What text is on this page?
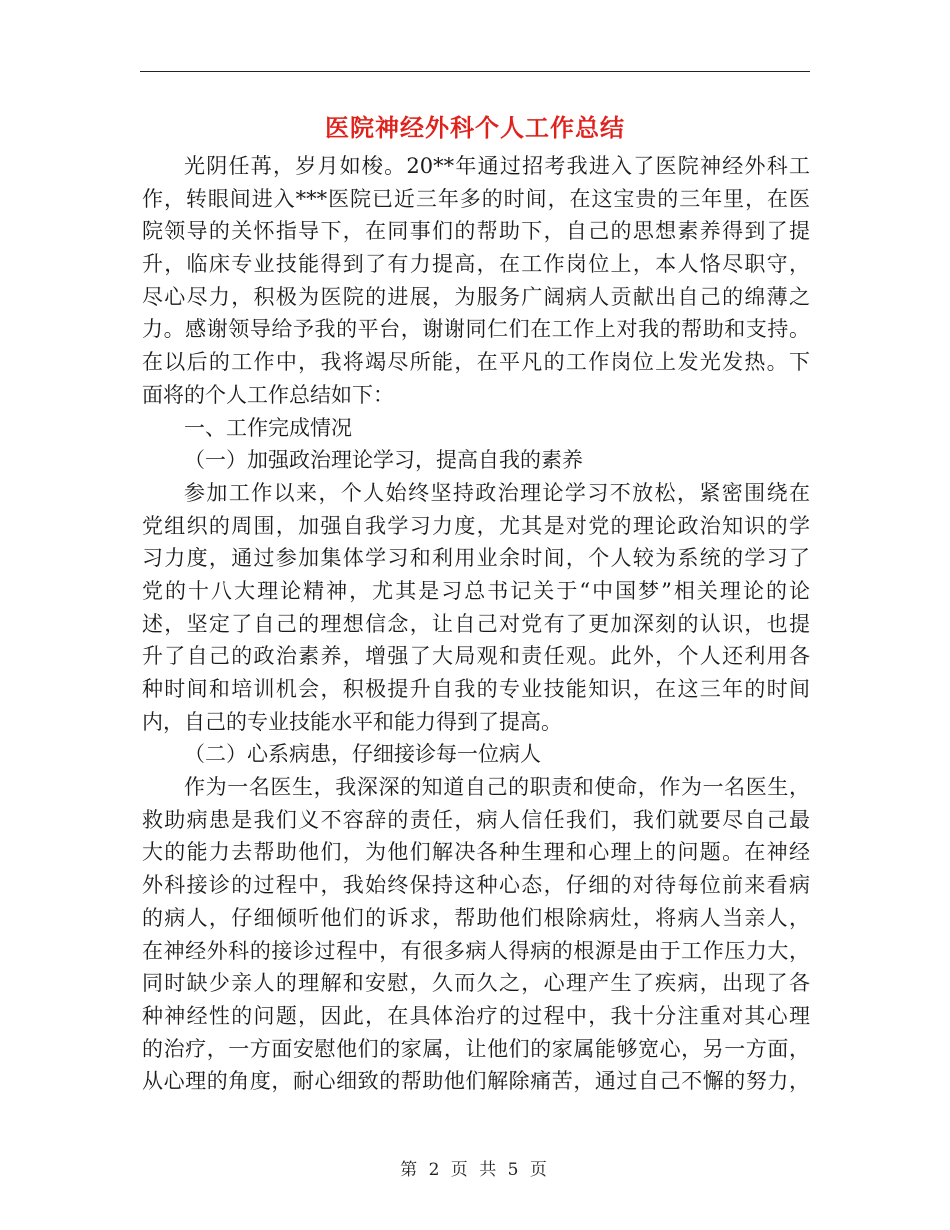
医院神经外科个人工作总结
光阴任苒，岁月如梭。20**年通过招考我进入了医院神经外科工
作，转眼间进入***医院已近三年多的时间，在这宝贵的三年里，在医
院领导的关怀指导下，在同事们的帮助下，自己的思想素养得到了提
升，临床专业技能得到了有力提高，在工作岗位上，本人恪尽职守，
尽心尽力，积极为医院的进展，为服务广阔病人贡献出自己的绵薄之
力。感谢领导给予我的平台，谢谢同仁们在工作上对我的帮助和支持。
在以后的工作中，我将竭尽所能，在平凡的工作岗位上发光发热。下
面将的个人工作总结如下：
一、工作完成情况
（一）加强政治理论学习，提高自我的素养
参加工作以来，个人始终坚持政治理论学习不放松，紧密围绕在
党组织的周围，加强自我学习力度，尤其是对党的理论政治知识的学
习力度，通过参加集体学习和利用业余时间，个人较为系统的学习了
党的十八大理论精神，尤其是习总书记关于“中国梦”相关理论的论
述，坚定了自己的理想信念，让自己对党有了更加深刻的认识，也提
升了自己的政治素养，增强了大局观和责任观。此外，个人还利用各
种时间和培训机会，积极提升自我的专业技能知识，在这三年的时间
内，自己的专业技能水平和能力得到了提高。
（二）心系病患，仔细接诊每一位病人
作为一名医生，我深深的知道自己的职责和使命，作为一名医生，
救助病患是我们义不容辞的责任，病人信任我们，我们就要尽自己最
大的能力去帮助他们，为他们解决各种生理和心理上的问题。在神经
外科接诊的过程中，我始终保持这种心态，仔细的对待每位前来看病
的病人，仔细倾听他们的诉求，帮助他们根除病灶，将病人当亲人，
在神经外科的接诊过程中，有很多病人得病的根源是由于工作压力大，
同时缺少亲人的理解和安慰，久而久之，心理产生了疾病，出现了各
种神经性的问题，因此，在具体治疗的过程中，我十分注重对其心理
的治疗，一方面安慰他们的家属，让他们的家属能够宽心，另一方面，
从心理的角度，耐心细致的帮助他们解除痛苦，通过自己不懈的努力，
第 2 页 共 5 页
